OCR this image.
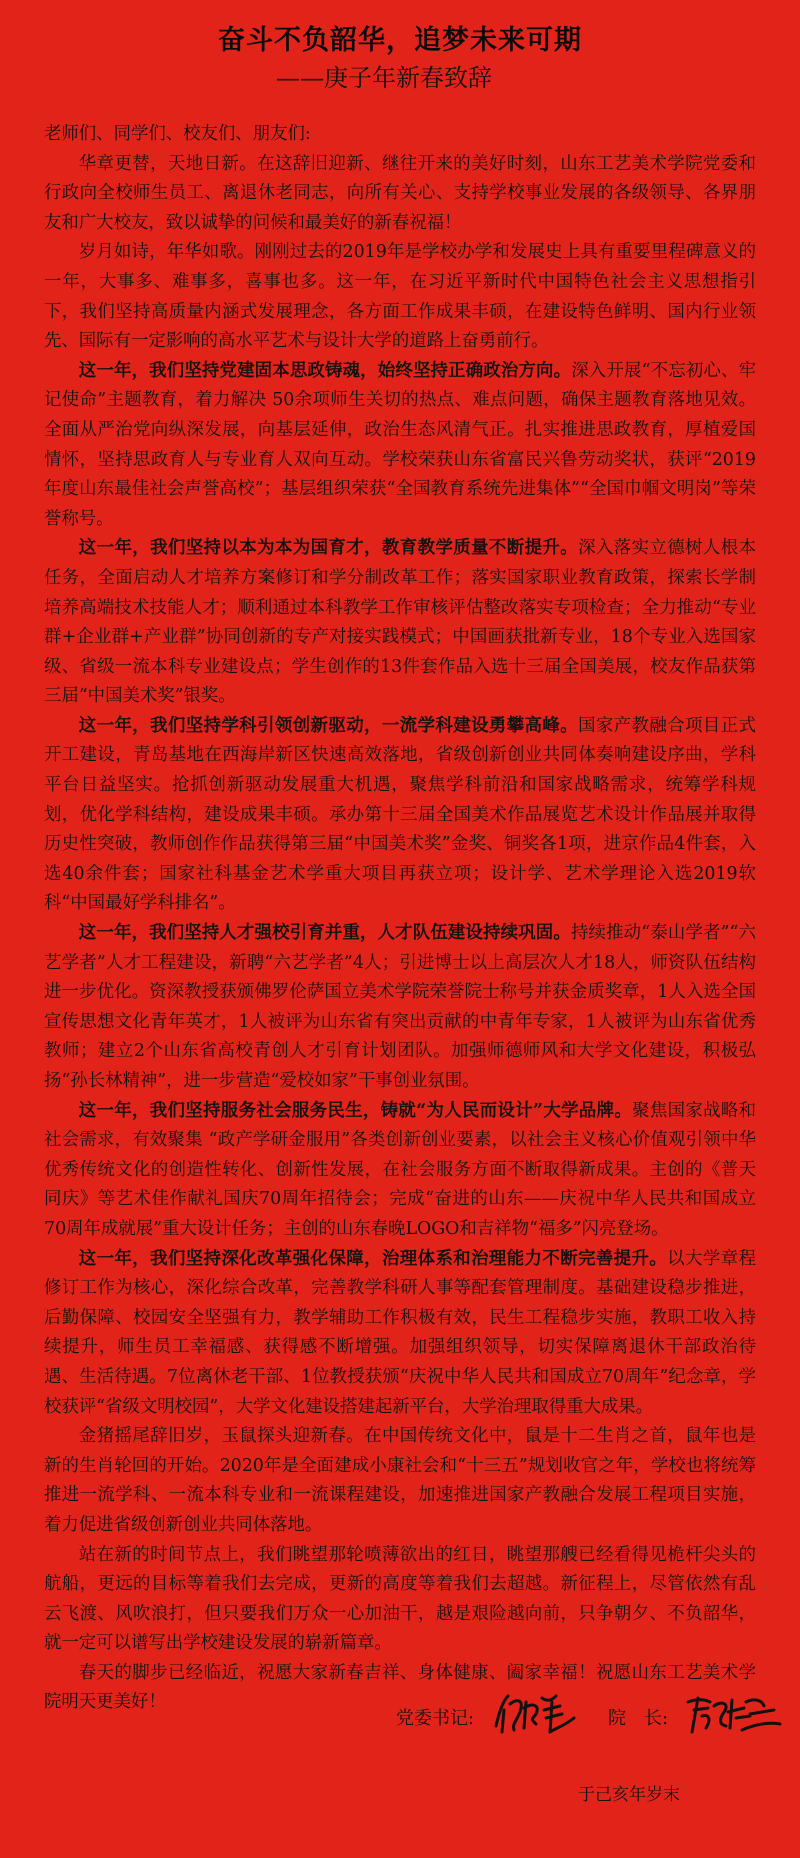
奋斗不负韶华，追梦未来可期
——庚子年新春致辞

老师们、同学们、校友们、朋友们:

华章更替，天地日新。在这辞旧迎新、继往开来的美好时刻，山东工艺美术学院党委和行政向全校师生员工、离退休老同志，向所有关心、支持学校事业发展的各级领导、各界朋友和广大校友，致以诚挚的问候和最美好的新春祝福！

岁月如诗，年华如歌。刚刚过去的2019年是学校办学和发展史上具有重要里程碑意义的一年，大事多、难事多，喜事也多。这一年，在习近平新时代中国特色社会主义思想指引下，我们坚持高质量内涵式发展理念，各方面工作成果丰硕，在建设特色鲜明、国内行业领先、国际有一定影响的高水平艺术与设计大学的道路上奋勇前行。

这一年，我们坚持党建固本思政铸魂，始终坚持正确政治方向。深入开展“不忘初心、牢记使命”主题教育，着力解决 50余项师生关切的热点、难点问题，确保主题教育落地见效。全面从严治党向纵深发展，向基层延伸，政治生态风清气正。扎实推进思政教育，厚植爱国情怀，坚持思政育人与专业育人双向互动。学校荣获山东省富民兴鲁劳动奖状，获评“2019年度山东最佳社会声誉高校”；基层组织荣获“全国教育系统先进集体”“全国巾帼文明岗”等荣誉称号。

这一年，我们坚持以本为本为国育才，教育教学质量不断提升。深入落实立德树人根本任务，全面启动人才培养方案修订和学分制改革工作；落实国家职业教育政策，探索长学制培养高端技术技能人才；顺利通过本科教学工作审核评估整改落实专项检查；全力推动“专业群+企业群+产业群”协同创新的专产对接实践模式；中国画获批新专业，18个专业入选国家级、省级一流本科专业建设点；学生创作的13件套作品入选十三届全国美展，校友作品获第三届“中国美术奖”银奖。

这一年，我们坚持学科引领创新驱动，一流学科建设勇攀高峰。国家产教融合项目正式开工建设，青岛基地在西海岸新区快速高效落地，省级创新创业共同体奏响建设序曲，学科平台日益坚实。抢抓创新驱动发展重大机遇，聚焦学科前沿和国家战略需求，统筹学科规划，优化学科结构，建设成果丰硕。承办第十三届全国美术作品展览艺术设计作品展并取得历史性突破，教师创作作品获得第三届“中国美术奖”金奖、铜奖各1项，进京作品4件套，入选40余件套；国家社科基金艺术学重大项目再获立项；设计学、艺术学理论入选2019软科“中国最好学科排名”。

这一年，我们坚持人才强校引育并重，人才队伍建设持续巩固。持续推动“泰山学者”“六艺学者”人才工程建设，新聘“六艺学者”4人；引进博士以上高层次人才18人，师资队伍结构进一步优化。资深教授获颁佛罗伦萨国立美术学院荣誉院士称号并获金质奖章，1人入选全国宣传思想文化青年英才，1人被评为山东省有突出贡献的中青年专家，1人被评为山东省优秀教师；建立2个山东省高校青创人才引育计划团队。加强师德师风和大学文化建设，积极弘扬“孙长林精神”，进一步营造“爱校如家”干事创业氛围。

这一年，我们坚持服务社会服务民生，铸就“为人民而设计”大学品牌。聚焦国家战略和社会需求，有效聚集 “政产学研金服用”各类创新创业要素，以社会主义核心价值观引领中华优秀传统文化的创造性转化、创新性发展，在社会服务方面不断取得新成果。主创的《普天同庆》等艺术佳作献礼国庆70周年招待会；完成“奋进的山东——庆祝中华人民共和国成立70周年成就展”重大设计任务；主创的山东春晚LOGO和吉祥物“福多”闪亮登场。

这一年，我们坚持深化改革强化保障，治理体系和治理能力不断完善提升。以大学章程修订工作为核心，深化综合改革，完善教学科研人事等配套管理制度。基础建设稳步推进，后勤保障、校园安全坚强有力，教学辅助工作积极有效，民生工程稳步实施，教职工收入持续提升，师生员工幸福感、获得感不断增强。加强组织领导，切实保障离退休干部政治待遇、生活待遇。7位离休老干部、1位教授获颁“庆祝中华人民共和国成立70周年”纪念章，学校获评“省级文明校园”，大学文化建设搭建起新平台，大学治理取得重大成果。

金猪摇尾辞旧岁，玉鼠探头迎新春。在中国传统文化中，鼠是十二生肖之首，鼠年也是新的生肖轮回的开始。2020年是全面建成小康社会和“十三五”规划收官之年，学校也将统筹推进一流学科、一流本科专业和一流课程建设，加速推进国家产教融合发展工程项目实施，着力促进省级创新创业共同体落地。

站在新的时间节点上，我们眺望那轮喷薄欲出的红日，眺望那艘已经看得见桅杆尖头的航船，更远的目标等着我们去完成，更新的高度等着我们去超越。新征程上，尽管依然有乱云飞渡、风吹浪打，但只要我们万众一心加油干，越是艰险越向前，只争朝夕、不负韶华，就一定可以谱写出学校建设发展的崭新篇章。

春天的脚步已经临近，祝愿大家新春吉祥、身体健康、阖家幸福！祝愿山东工艺美术学院明天更美好！

党委书记:	院　长:
于己亥年岁末
